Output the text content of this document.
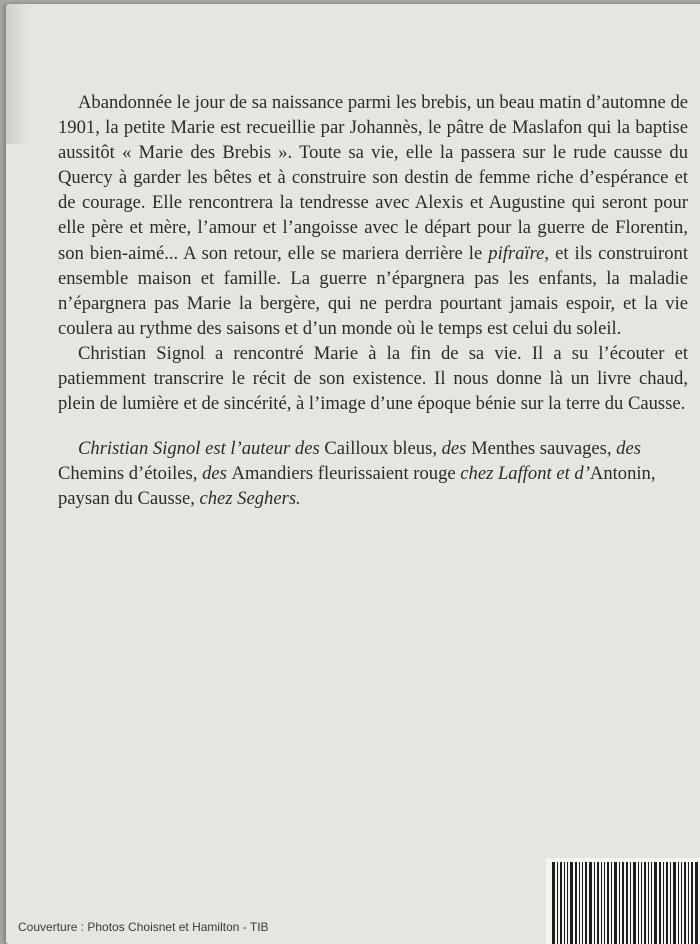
Abandonnée le jour de sa naissance parmi les brebis, un beau matin d’automne de 1901, la petite Marie est recueillie par Johannès, le pâtre de Maslafon qui la baptise aussitôt « Marie des Brebis ». Toute sa vie, elle la passera sur le rude causse du Quercy à garder les bêtes et à construire son destin de femme riche d’espérance et de courage. Elle rencontrera la tendresse avec Alexis et Augustine qui seront pour elle père et mère, l’amour et l’angoisse avec le départ pour la guerre de Florentin, son bien-aimé... A son retour, elle se mariera derrière le pifraïre, et ils construiront ensemble maison et famille. La guerre n’épargnera pas les enfants, la maladie n’épargnera pas Marie la bergère, qui ne perdra pourtant jamais espoir, et la vie coulera au rythme des saisons et d’un monde où le temps est celui du soleil.

Christian Signol a rencontré Marie à la fin de sa vie. Il a su l’écouter et patiemment transcrire le récit de son existence. Il nous donne là un livre chaud, plein de lumière et de sincérité, à l’image d’une époque bénie sur la terre du Causse.

Christian Signol est l’auteur des Cailloux bleus, des Menthes sauvages, des Chemins d’étoiles, des Amandiers fleurissaient rouge chez Laffont et d’Antonin, paysan du Causse, chez Seghers.

Couverture : Photos Choisnet et Hamilton - TIB
